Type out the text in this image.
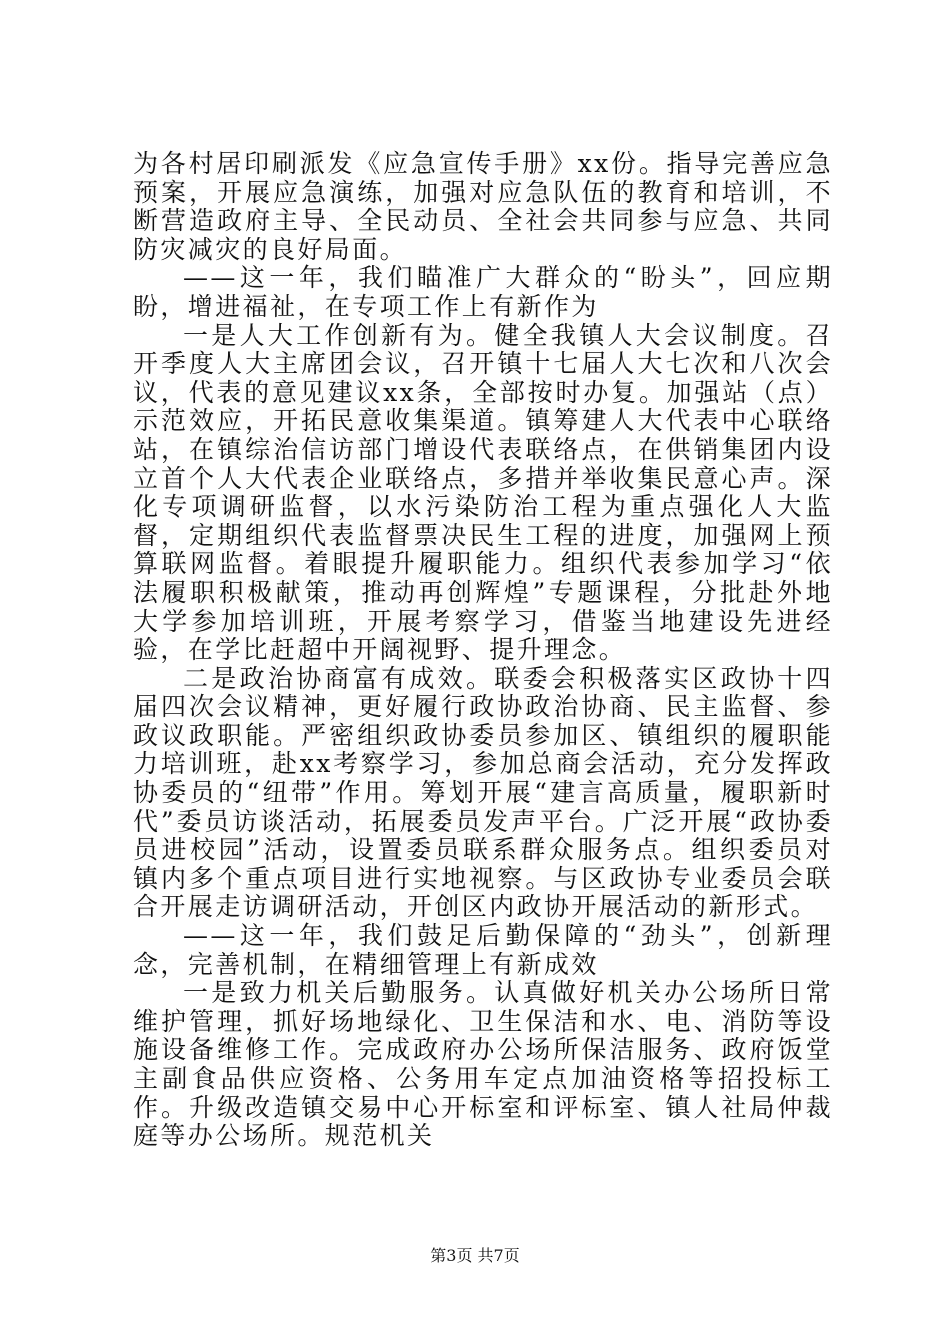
为各村居印刷派发《应急宣传手册》xx份。指导完善应急预案，开展应急演练，加强对应急队伍的教育和培训，不断营造政府主导、全民动员、全社会共同参与应急、共同防灾减灾的良好局面。

——这一年，我们瞄准广大群众的“盼头”，回应期盼，增进福祉，在专项工作上有新作为

一是人大工作创新有为。健全我镇人大会议制度。召开季度人大主席团会议，召开镇十七届人大七次和八次会议，代表的意见建议xx条，全部按时办复。加强站（点）示范效应，开拓民意收集渠道。镇筹建人大代表中心联络站，在镇综治信访部门增设代表联络点，在供销集团内设立首个人大代表企业联络点，多措并举收集民意心声。深化专项调研监督，以水污染防治工程为重点强化人大监督，定期组织代表监督票决民生工程的进度，加强网上预算联网监督。着眼提升履职能力。组织代表参加学习“依法履职积极献策，推动再创辉煌”专题课程，分批赴外地大学参加培训班，开展考察学习，借鉴当地建设先进经验，在学比赶超中开阔视野、提升理念。

二是政治协商富有成效。联委会积极落实区政协十四届四次会议精神，更好履行政协政治协商、民主监督、参政议政职能。严密组织政协委员参加区、镇组织的履职能力培训班，赴xx考察学习，参加总商会活动，充分发挥政协委员的“纽带”作用。筹划开展“建言高质量，履职新时代”委员访谈活动，拓展委员发声平台。广泛开展“政协委员进校园”活动，设置委员联系群众服务点。组织委员对镇内多个重点项目进行实地视察。与区政协专业委员会联合开展走访调研活动，开创区内政协开展活动的新形式。

——这一年，我们鼓足后勤保障的“劲头”，创新理念，完善机制，在精细管理上有新成效

一是致力机关后勤服务。认真做好机关办公场所日常维护管理，抓好场地绿化、卫生保洁和水、电、消防等设施设备维修工作。完成政府办公场所保洁服务、政府饭堂主副食品供应资格、公务用车定点加油资格等招投标工作。升级改造镇交易中心开标室和评标室、镇人社局仲裁庭等办公场所。规范机关

第3页 共7页
